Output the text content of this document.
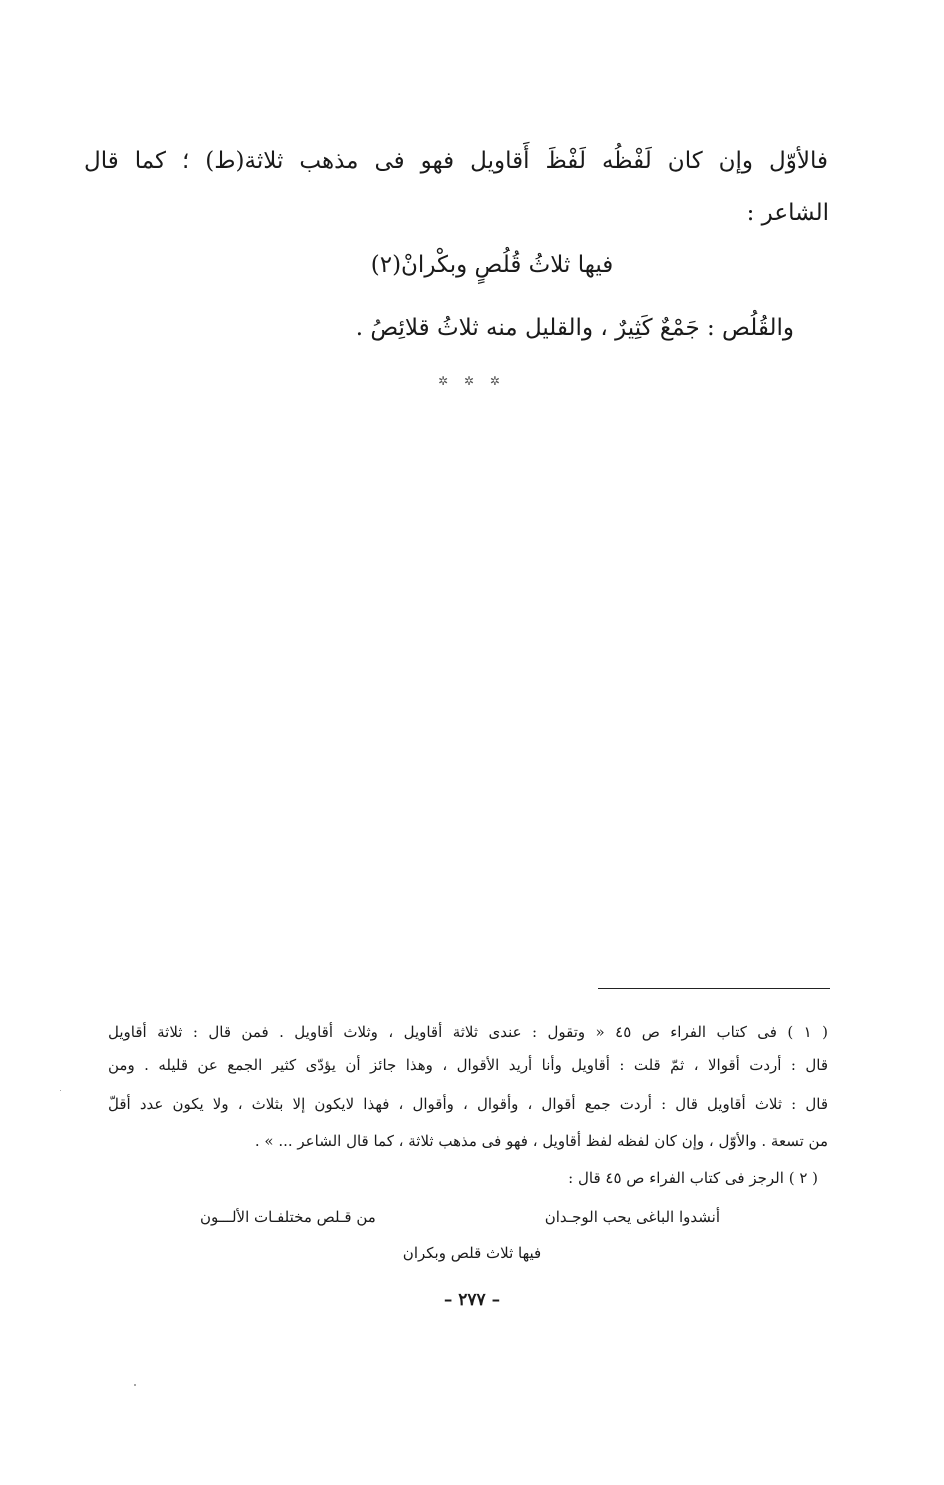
فالأوّل وإن كان لَفْظُه لَفْظَ أَقاويل فهو فى مذهب ثلاثة(ط) ؛ كما قال
الشاعر :
فيها ثلاثُ قُلُصٍ وبكْرانْ(٢)
والقُلُص : جَمْعٌ كَثِيرٌ ، والقليل منه ثلاثُ قلائِصُ .
✲ ✲ ✲
( ١ ) فى كتاب الفراء ص ٤٥ « وتقول : عندى ثلاثة أقاويل ، وثلاث أقاويل . فمن قال : ثلاثة أقاويل
قال : أردت أقوالا ، ثمّ قلت : أقاويل وأنا أريد الأقوال ، وهذا جائز أن يؤدّى كثير الجمع عن قليله . ومن
قال : ثلاث أقاويل قال : أردت جمع أقوال ، وأقوال ، وأقوال ، فهذا لايكون إلا بثلاث ، ولا يكون عدد أقلّ
من تسعة . والأوّل ، وإن كان لفظه لفظ أقاويل ، فهو فى مذهب ثلاثة ، كما قال الشاعر ... » .
( ٢ ) الرجز فى كتاب الفراء ص ٤٥ قال :
أنشدوا الباغى يحب الوجـدان
من قـلص مختلفـات الألـــون
فيها ثلاث قلص وبكران
– ٢٧٧ –
